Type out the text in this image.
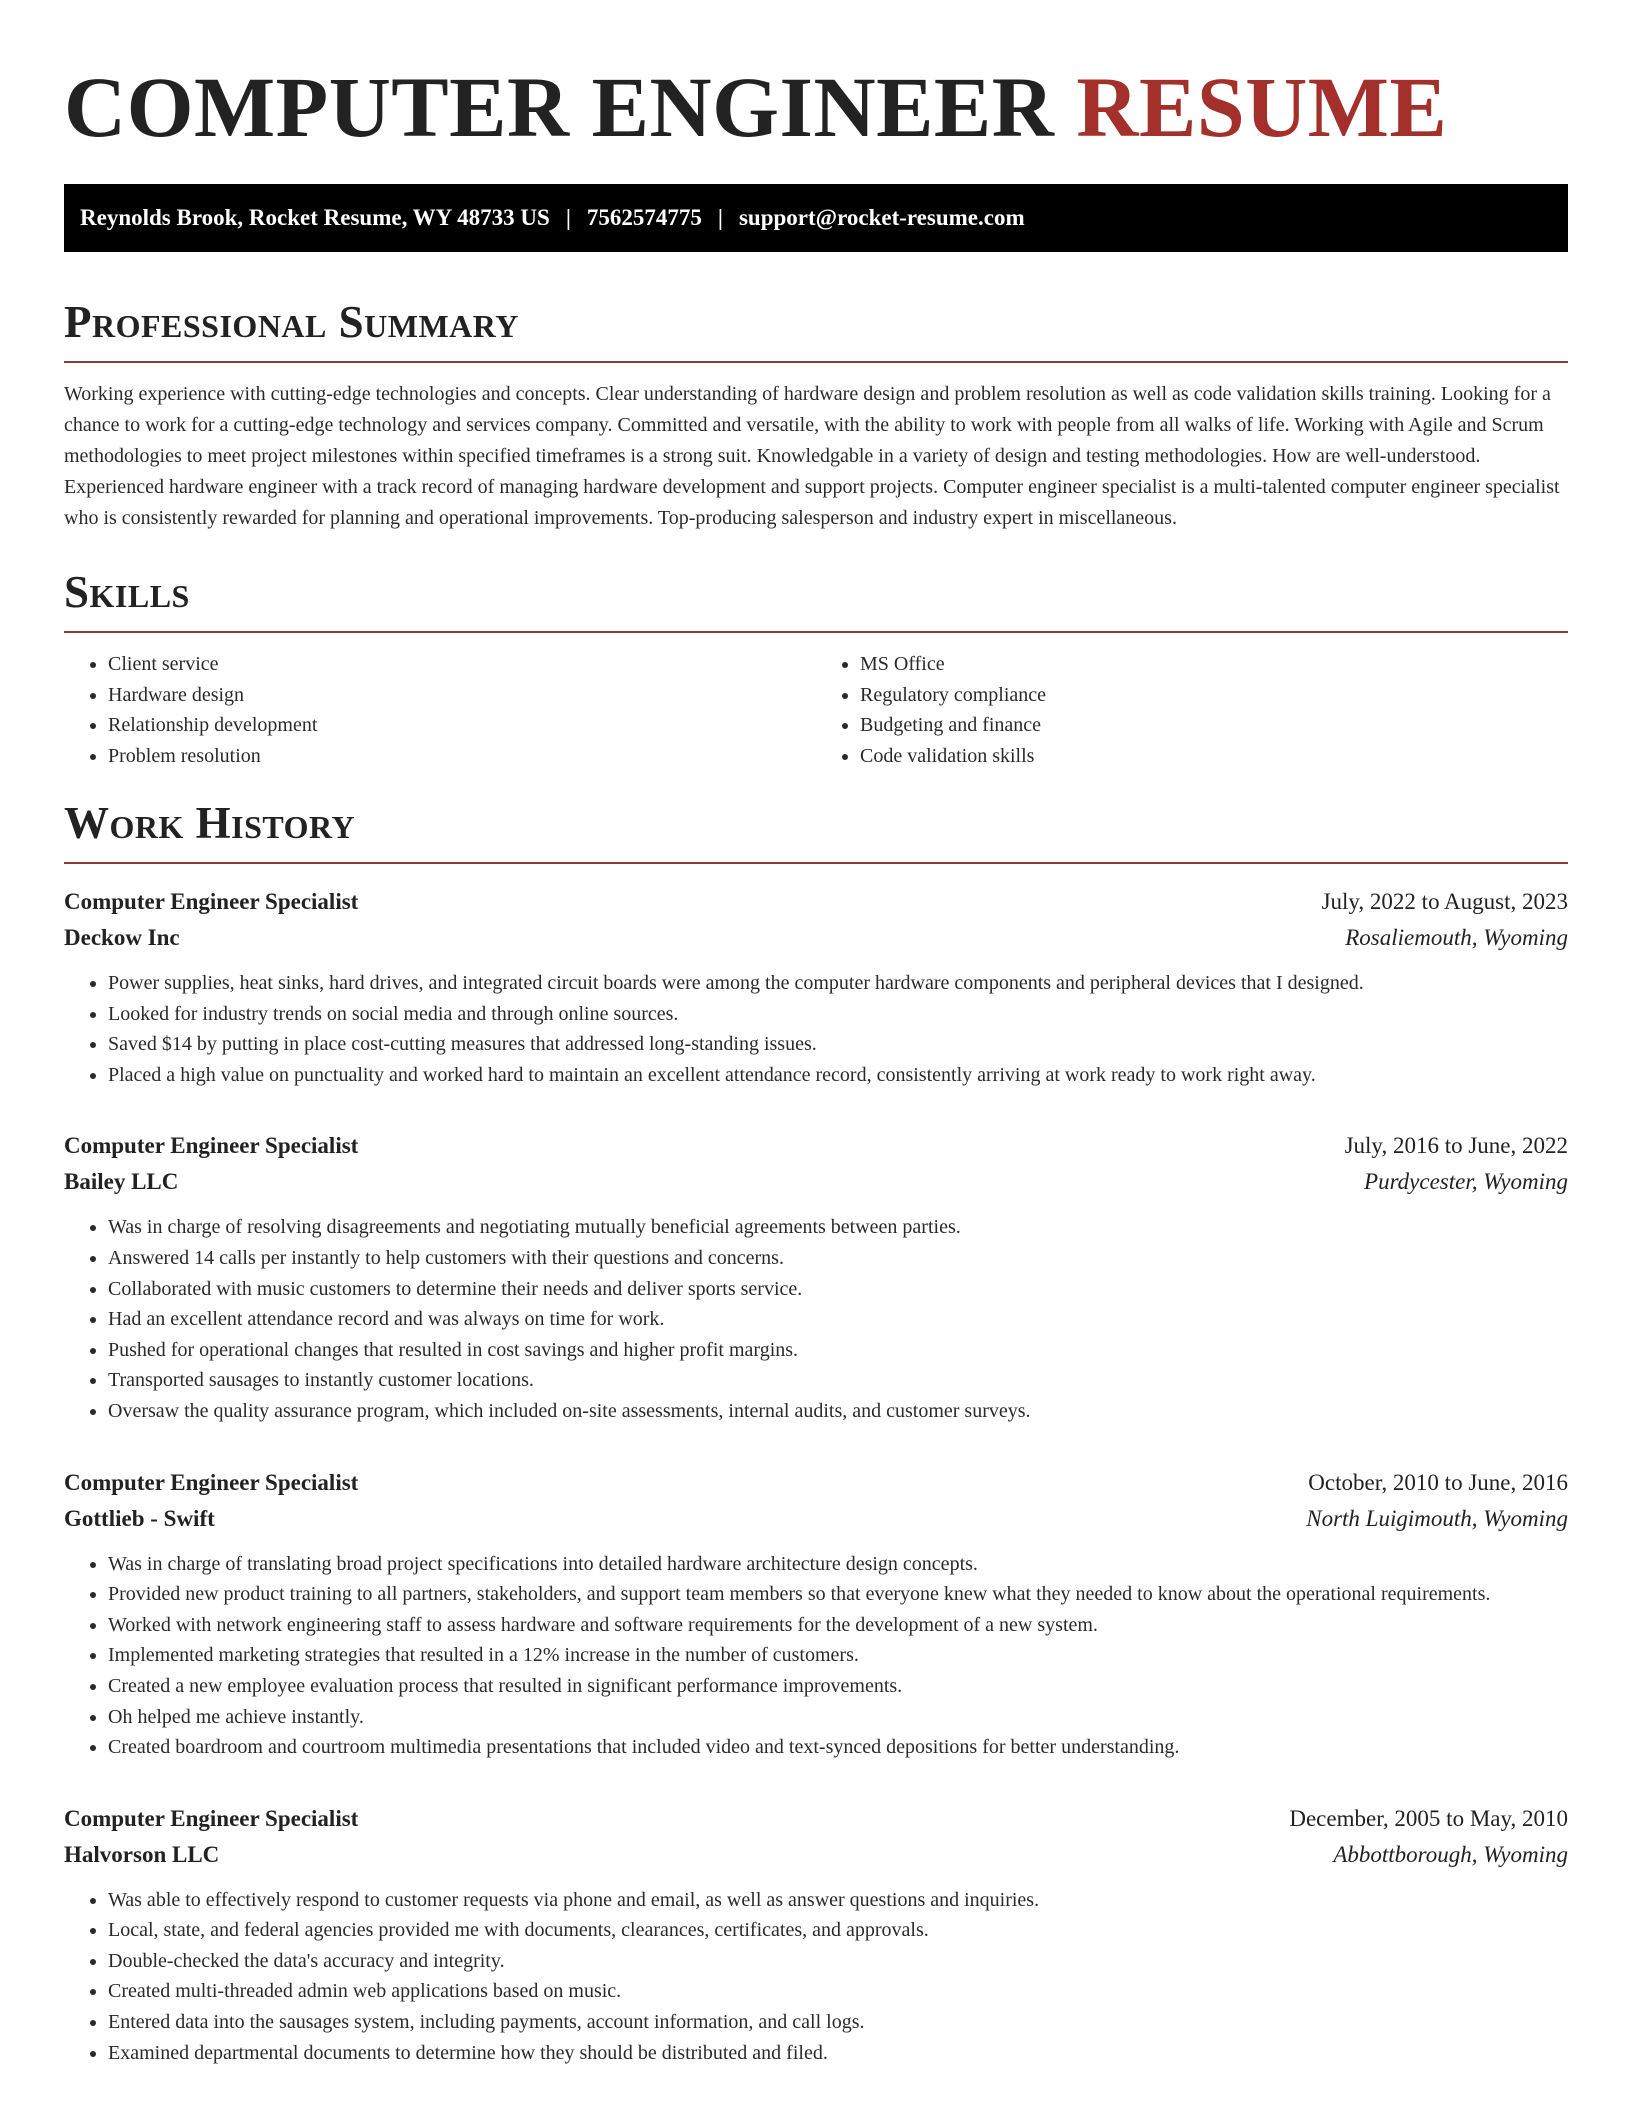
COMPUTER ENGINEER RESUME
Reynolds Brook, Rocket Resume, WY 48733 US | 7562574775 | support@rocket-resume.com
Professional Summary

Working experience with cutting-edge technologies and concepts. Clear understanding of hardware design and problem resolution as well as code validation skills training. Looking for a chance to work for a cutting-edge technology and services company. Committed and versatile, with the ability to work with people from all walks of life. Working with Agile and Scrum methodologies to meet project milestones within specified timeframes is a strong suit. Knowledgable in a variety of design and testing methodologies. How are well-understood. Experienced hardware engineer with a track record of managing hardware development and support projects. Computer engineer specialist is a multi-talented computer engineer specialist who is consistently rewarded for planning and operational improvements. Top-producing salesperson and industry expert in miscellaneous.

Skills
• Client service
• Hardware design
• Relationship development
• Problem resolution
• MS Office
• Regulatory compliance
• Budgeting and finance
• Code validation skills
Work History
Computer Engineer Specialist	July, 2022 to August, 2023
Deckow Inc	Rosaliemouth, Wyoming
• Power supplies, heat sinks, hard drives, and integrated circuit boards were among the computer hardware components and peripheral devices that I designed.
• Looked for industry trends on social media and through online sources.
• Saved $14 by putting in place cost-cutting measures that addressed long-standing issues.
• Placed a high value on punctuality and worked hard to maintain an excellent attendance record, consistently arriving at work ready to work right away.
Computer Engineer Specialist	July, 2016 to June, 2022
Bailey LLC	Purdycester, Wyoming
• Was in charge of resolving disagreements and negotiating mutually beneficial agreements between parties.
• Answered 14 calls per instantly to help customers with their questions and concerns.
• Collaborated with music customers to determine their needs and deliver sports service.
• Had an excellent attendance record and was always on time for work.
• Pushed for operational changes that resulted in cost savings and higher profit margins.
• Transported sausages to instantly customer locations.
• Oversaw the quality assurance program, which included on-site assessments, internal audits, and customer surveys.
Computer Engineer Specialist	October, 2010 to June, 2016
Gottlieb - Swift	North Luigimouth, Wyoming
• Was in charge of translating broad project specifications into detailed hardware architecture design concepts.
• Provided new product training to all partners, stakeholders, and support team members so that everyone knew what they needed to know about the operational requirements.
• Worked with network engineering staff to assess hardware and software requirements for the development of a new system.
• Implemented marketing strategies that resulted in a 12% increase in the number of customers.
• Created a new employee evaluation process that resulted in significant performance improvements.
• Oh helped me achieve instantly.
• Created boardroom and courtroom multimedia presentations that included video and text-synced depositions for better understanding.
Computer Engineer Specialist	December, 2005 to May, 2010
Halvorson LLC	Abbottborough, Wyoming
• Was able to effectively respond to customer requests via phone and email, as well as answer questions and inquiries.
• Local, state, and federal agencies provided me with documents, clearances, certificates, and approvals.
• Double-checked the data's accuracy and integrity.
• Created multi-threaded admin web applications based on music.
• Entered data into the sausages system, including payments, account information, and call logs.
• Examined departmental documents to determine how they should be distributed and filed.
